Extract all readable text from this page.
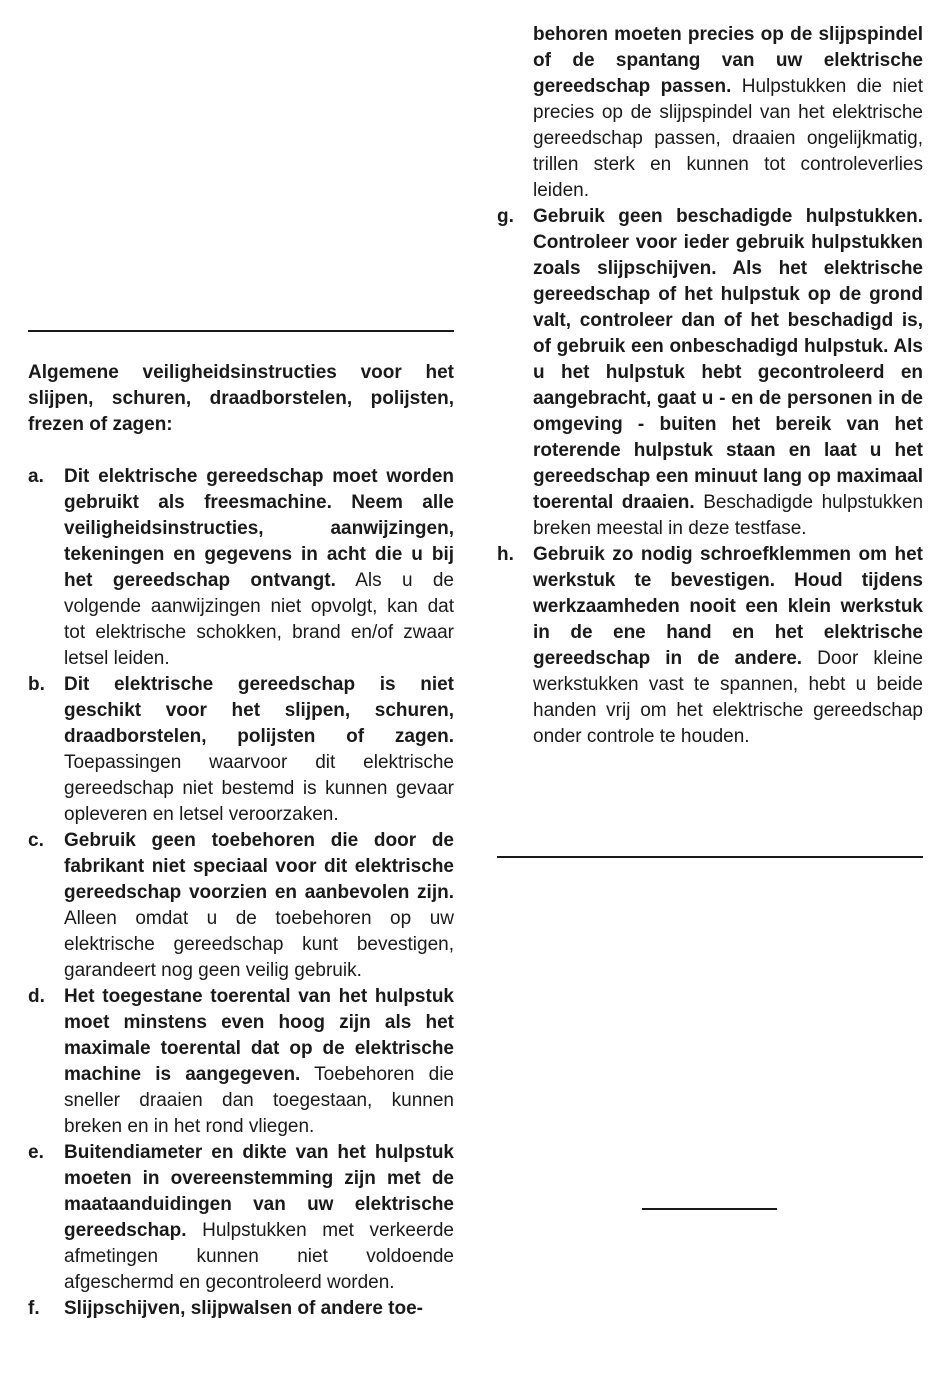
Algemene veiligheidsinstructies voor het slijpen, schuren, draadborstelen, polijsten, frezen of zagen:

a.	Dit elektrische gereedschap moet worden gebruikt als freesmachine. Neem alle veiligheidsinstructies, aanwijzingen, tekeningen en gegevens in acht die u bij het gereedschap ontvangt. Als u de volgende aanwijzingen niet opvolgt, kan dat tot elektrische schokken, brand en/of zwaar letsel leiden.
b.	Dit elektrische gereedschap is niet geschikt voor het slijpen, schuren, draadborstelen, polijsten of zagen. Toepassingen waarvoor dit elektrische gereedschap niet bestemd is kunnen gevaar opleveren en letsel veroorzaken.
c.	Gebruik geen toebehoren die door de fabrikant niet speciaal voor dit elektrische gereedschap voorzien en aanbevolen zijn. Alleen omdat u de toebehoren op uw elektrische gereedschap kunt bevestigen, garandeert nog geen veilig gebruik.
d.	Het toegestane toerental van het hulpstuk moet minstens even hoog zijn als het maximale toerental dat op de elektrische machine is aangegeven. Toebehoren die sneller draaien dan toegestaan, kunnen breken en in het rond vliegen.
e.	Buitendiameter en dikte van het hulpstuk moeten in overeenstemming zijn met de maataanduidingen van uw elektrische gereedschap. Hulpstukken met verkeerde afmetingen kunnen niet voldoende afgeschermd en gecontroleerd worden.
f.	Slijpschijven, slijpwalsen of andere toe-
behoren moeten precies op de slijpspindel of de spantang van uw elektrische gereedschap passen. Hulpstukken die niet precies op de slijpspindel van het elektrische gereedschap passen, draaien ongelijkmatig, trillen sterk en kunnen tot controleverlies leiden.
g.	Gebruik geen beschadigde hulpstukken. Controleer voor ieder gebruik hulpstukken zoals slijpschijven. Als het elektrische gereedschap of het hulpstuk op de grond valt, controleer dan of het beschadigd is, of gebruik een onbeschadigd hulpstuk. Als u het hulpstuk hebt gecontroleerd en aangebracht, gaat u - en de personen in de omgeving - buiten het bereik van het roterende hulpstuk staan en laat u het gereedschap een minuut lang op maximaal toerental draaien. Beschadigde hulpstukken breken meestal in deze testfase.
h.	Gebruik zo nodig schroefklemmen om het werkstuk te bevestigen. Houd tijdens werkzaamheden nooit een klein werkstuk in de ene hand en het elektrische gereedschap in de andere. Door kleine werkstukken vast te spannen, hebt u beide handen vrij om het elektrische gereedschap onder controle te houden.
